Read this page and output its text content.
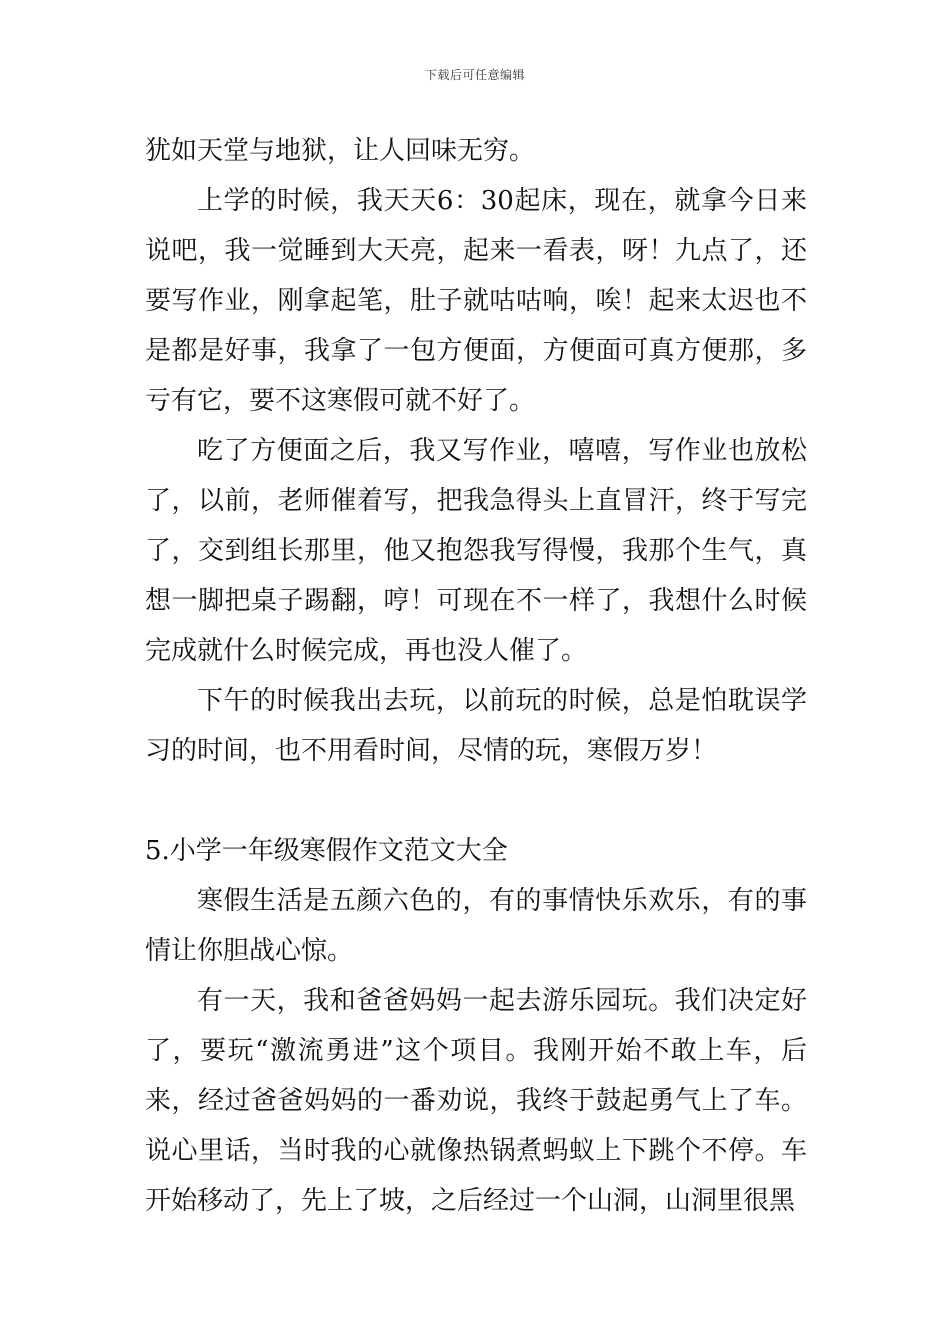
下载后可任意编辑

犹如天堂与地狱，让人回味无穷。

上学的时候，我天天6：30起床，现在，就拿今日来说吧，我一觉睡到大天亮，起来一看表，呀！九点了，还要写作业，刚拿起笔，肚子就咕咕响，唉！起来太迟也不是都是好事，我拿了一包方便面，方便面可真方便那，多亏有它，要不这寒假可就不好了。

吃了方便面之后，我又写作业，嘻嘻，写作业也放松了，以前，老师催着写，把我急得头上直冒汗，终于写完了，交到组长那里，他又抱怨我写得慢，我那个生气，真想一脚把桌子踢翻，哼！可现在不一样了，我想什么时候完成就什么时候完成，再也没人催了。

下午的时候我出去玩，以前玩的时候，总是怕耽误学习的时间，也不用看时间，尽情的玩，寒假万岁！

5.小学一年级寒假作文范文大全

寒假生活是五颜六色的，有的事情快乐欢乐，有的事情让你胆战心惊。

有一天，我和爸爸妈妈一起去游乐园玩。我们决定好了，要玩“激流勇进”这个项目。我刚开始不敢上车，后来，经过爸爸妈妈的一番劝说，我终于鼓起勇气上了车。说心里话，当时我的心就像热锅煮蚂蚁上下跳个不停。车开始移动了，先上了坡，之后经过一个山洞，山洞里很黑
